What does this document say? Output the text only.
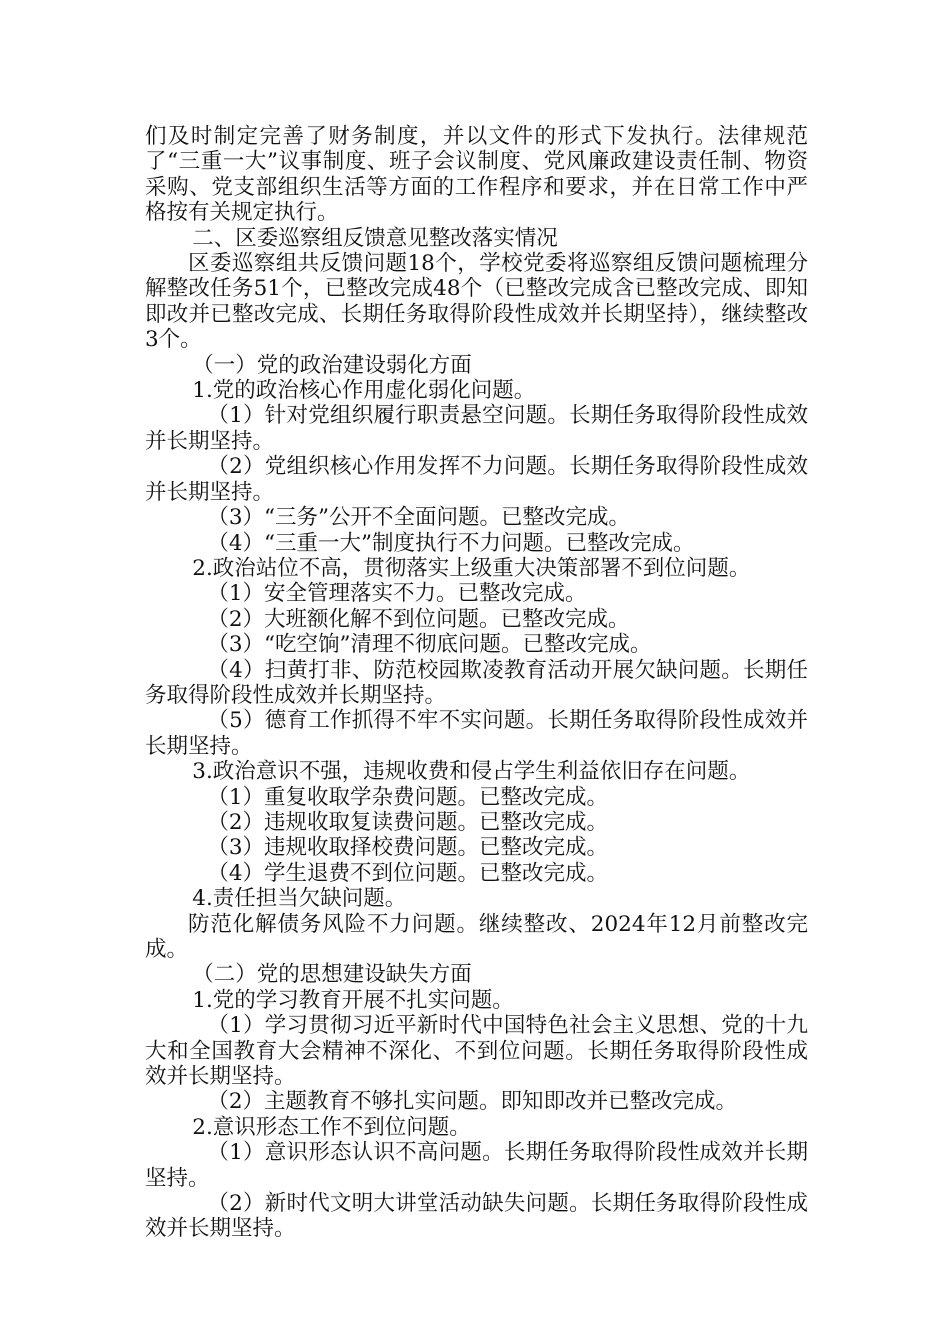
们及时制定完善了财务制度，并以文件的形式下发执行。法律规范了“三重一大”议事制度、班子会议制度、党风廉政建设责任制、物资采购、党支部组织生活等方面的工作程序和要求，并在日常工作中严格按有关规定执行。

二、区委巡察组反馈意见整改落实情况

区委巡察组共反馈问题18个，学校党委将巡察组反馈问题梳理分解整改任务51个，已整改完成48个（已整改完成含已整改完成、即知即改并已整改完成、长期任务取得阶段性成效并长期坚持），继续整改3个。

（一）党的政治建设弱化方面

1.党的政治核心作用虚化弱化问题。

（1）针对党组织履行职责悬空问题。长期任务取得阶段性成效并长期坚持。

（2）党组织核心作用发挥不力问题。长期任务取得阶段性成效并长期坚持。

（3）“三务”公开不全面问题。已整改完成。

（4）“三重一大”制度执行不力问题。已整改完成。

2.政治站位不高，贯彻落实上级重大决策部署不到位问题。

（1）安全管理落实不力。已整改完成。

（2）大班额化解不到位问题。已整改完成。

（3）“吃空饷”清理不彻底问题。已整改完成。

（4）扫黄打非、防范校园欺凌教育活动开展欠缺问题。长期任务取得阶段性成效并长期坚持。

（5）德育工作抓得不牢不实问题。长期任务取得阶段性成效并长期坚持。

3.政治意识不强，违规收费和侵占学生利益依旧存在问题。

（1）重复收取学杂费问题。已整改完成。

（2）违规收取复读费问题。已整改完成。

（3）违规收取择校费问题。已整改完成。

（4）学生退费不到位问题。已整改完成。

4.责任担当欠缺问题。

防范化解债务风险不力问题。继续整改、2024年12月前整改完成。

（二）党的思想建设缺失方面

1.党的学习教育开展不扎实问题。

（1）学习贯彻习近平新时代中国特色社会主义思想、党的十九大和全国教育大会精神不深化、不到位问题。长期任务取得阶段性成效并长期坚持。

（2）主题教育不够扎实问题。即知即改并已整改完成。

2.意识形态工作不到位问题。

（1）意识形态认识不高问题。长期任务取得阶段性成效并长期坚持。

（2）新时代文明大讲堂活动缺失问题。长期任务取得阶段性成效并长期坚持。
